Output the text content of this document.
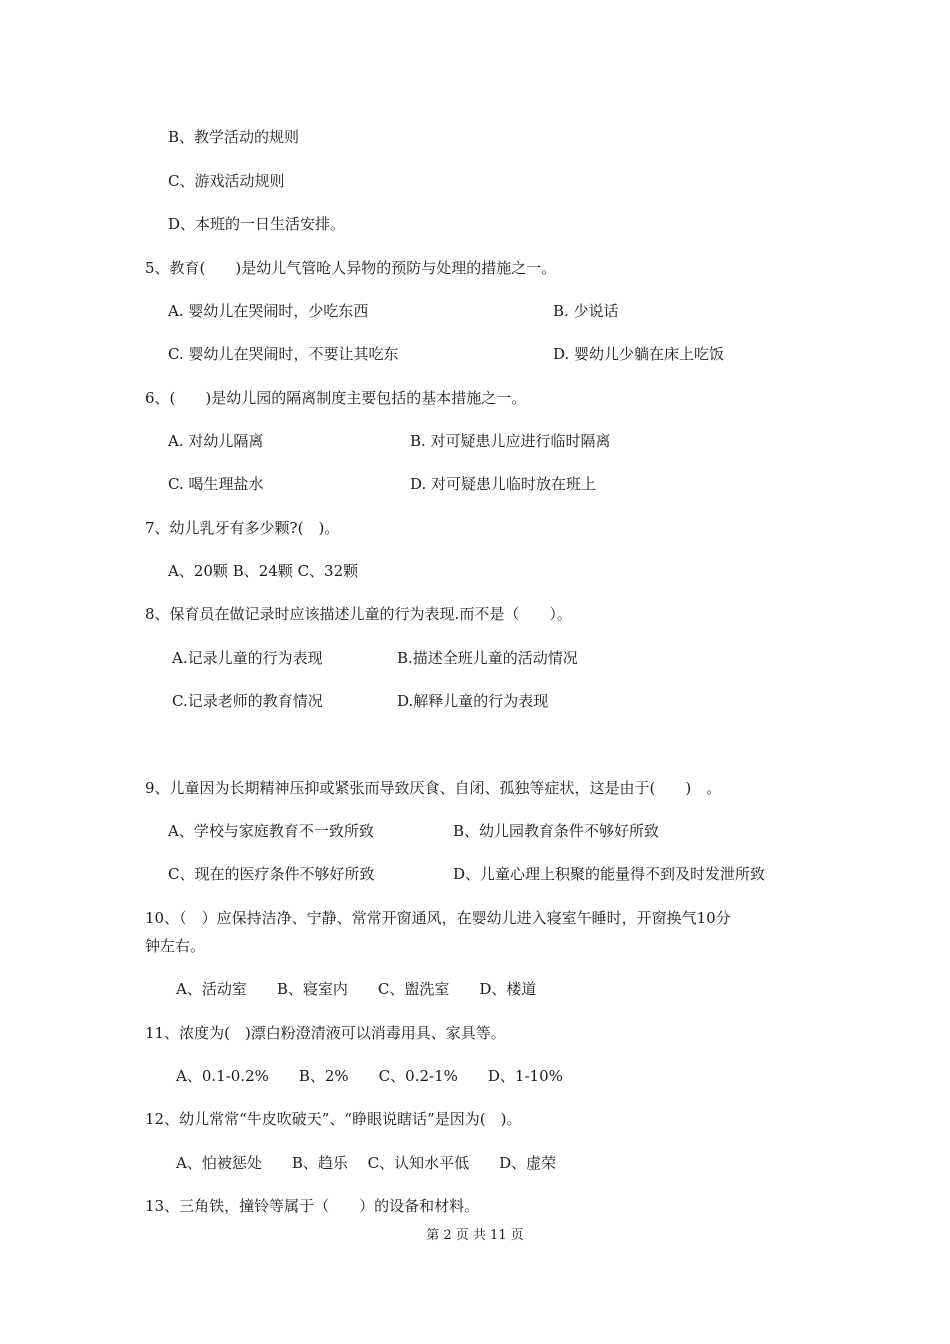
B、教学活动的规则
C、游戏活动规则
D、本班的一日生活安排。
5、教育(　　)是幼儿气管呛人异物的预防与处理的措施之一。
A. 婴幼儿在哭闹时，少吃东西	B. 少说话
C. 婴幼儿在哭闹时，不要让其吃东	D. 婴幼儿少躺在床上吃饭
6、(　　)是幼儿园的隔离制度主要包括的基本措施之一。
A. 对幼儿隔离	B. 对可疑患儿应进行临时隔离
C. 喝生理盐水	D. 对可疑患儿临时放在班上
7、幼儿乳牙有多少颗?(　)。
A、20颗 B、24颗 C、32颗
8、保育员在做记录时应该描述儿童的行为表现.而不是（　　）。
A.记录儿童的行为表现	B.描述全班儿童的活动情况
C.记录老师的教育情况	D.解释儿童的行为表现
9、儿童因为长期精神压抑或紧张而导致厌食、自闭、孤独等症状，这是由于(　　)　。
A、学校与家庭教育不一致所致	B、幼儿园教育条件不够好所致
C、现在的医疗条件不够好所致	D、儿童心理上积聚的能量得不到及时发泄所致
10、（　）应保持洁净、宁静、常常开窗通风，在婴幼儿进入寝室午睡时，开窗换气10分
钟左右。
A、活动室　　B、寝室内　　C、盥洗室　　D、楼道
11、浓度为(　)漂白粉澄清液可以消毒用具、家具等。
A、0.1-0.2%　　B、2%　　C、0.2-1%　　D、1-10%
12、幼儿常常“牛皮吹破天”、“睁眼说瞎话”是因为(　)。
A、怕被惩处　　B、趋乐　 C、认知水平低　　D、虚荣
13、三角铁，撞铃等属于（　　）的设备和材料。
第 2 页 共 11 页
